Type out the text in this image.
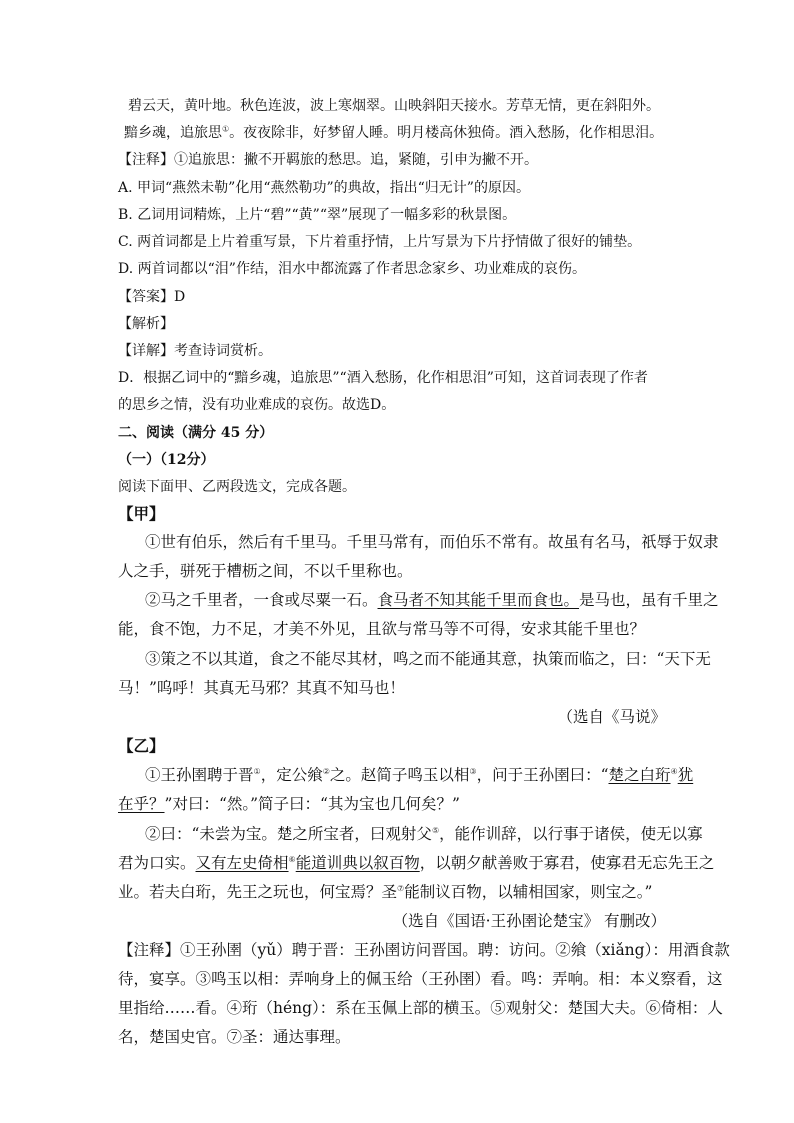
碧云天，黄叶地。秋色连波，波上寒烟翠。山映斜阳天接水。芳草无情，更在斜阳外。

黯乡魂，追旅思①。夜夜除非，好梦留人睡。明月楼高休独倚。酒入愁肠，化作相思泪。

【注释】①追旅思：撇不开羁旅的愁思。追，紧随，引申为撇不开。

A. 甲词“燕然未勒”化用“燕然勒功”的典故，指出“归无计”的原因。

B. 乙词用词精炼，上片“碧”“黄”“翠”展现了一幅多彩的秋景图。

C. 两首词都是上片着重写景，下片着重抒情，上片写景为下片抒情做了很好的铺垫。

D. 两首词都以“泪”作结，泪水中都流露了作者思念家乡、功业难成的哀伤。

【答案】D

【解析】

【详解】考查诗词赏析。

D．根据乙词中的“黯乡魂，追旅思”“酒入愁肠，化作相思泪”可知，这首词表现了作者

的思乡之情，没有功业难成的哀伤。故选D。

二、阅读（满分 45 分）

（一）（12分）

阅读下面甲、乙两段选文，完成各题。

【甲】

①世有伯乐，然后有千里马。千里马常有，而伯乐不常有。故虽有名马，祇辱于奴隶

人之手，骈死于槽枥之间，不以千里称也。

②马之千里者，一食或尽粟一石。食马者不知其能千里而食也。是马也，虽有千里之

能，食不饱，力不足，才美不外见，且欲与常马等不可得，安求其能千里也？

③策之不以其道，食之不能尽其材，鸣之而不能通其意，执策而临之，曰：“天下无

马！”呜呼！其真无马邪？其真不知马也！

（选自《马说》

【乙】

①王孙圉聘于晋①，定公飨②之。赵简子鸣玉以相③，问于王孙圉曰：“楚之白珩④犹

在乎？”对曰：“然。”简子曰：“其为宝也几何矣？”

②曰：“未尝为宝。楚之所宝者，曰观射父⑤，能作训辞，以行事于诸侯，使无以寡

君为口实。又有左史倚相⑥能道训典以叙百物，以朝夕献善败于寡君，使寡君无忘先王之

业。若夫白珩，先王之玩也，何宝焉？圣⑦能制议百物，以辅相国家，则宝之。”

（选自《国语·王孙圉论楚宝》 有删改）

【注释】①王孙圉（yǔ）聘于晋：王孙圉访问晋国。聘：访问。②飨（xiǎng）：用酒食款

待，宴享。③鸣玉以相：弄响身上的佩玉给（王孙圉）看。鸣：弄响。相：本义察看，这

里指给……看。④珩（héng）：系在玉佩上部的横玉。⑤观射父：楚国大夫。⑥倚相：人

名，楚国史官。⑦圣：通达事理。
